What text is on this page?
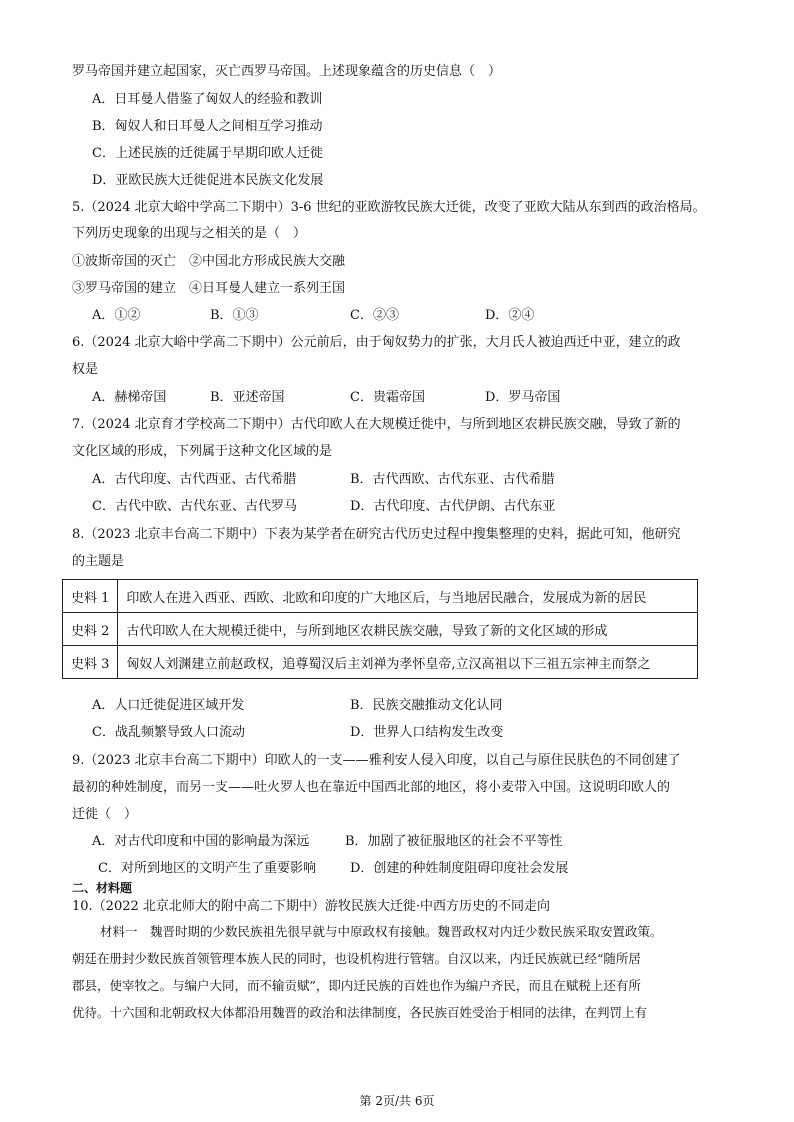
罗马帝国并建立起国家，灭亡西罗马帝国。上述现象蕴含的历史信息（　）
A．日耳曼人借鉴了匈奴人的经验和教训
B．匈奴人和日耳曼人之间相互学习推动
C．上述民族的迁徙属于早期印欧人迁徙
D．亚欧民族大迁徙促进本民族文化发展
5.（2024 北京大峪中学高二下期中）3-6 世纪的亚欧游牧民族大迁徙，改变了亚欧大陆从东到西的政治格局。
下列历史现象的出现与之相关的是（　）
①波斯帝国的灭亡　②中国北方形成民族大交融
③罗马帝国的建立　④日耳曼人建立一系列王国
A．①②	B．①③	C．②③	D．②④
6.（2024 北京大峪中学高二下期中）公元前后，由于匈奴势力的扩张，大月氏人被迫西迁中亚，建立的政
权是
A．赫梯帝国	B．亚述帝国	C．贵霜帝国	D．罗马帝国
7.（2024 北京育才学校高二下期中）古代印欧人在大规模迁徙中，与所到地区农耕民族交融，导致了新的
文化区域的形成，下列属于这种文化区域的是
A．古代印度、古代西亚、古代希腊	B．古代西欧、古代东亚、古代希腊
C．古代中欧、古代东亚、古代罗马	D．古代印度、古代伊朗、古代东亚
8.（2023 北京丰台高二下期中）下表为某学者在研究古代历史过程中搜集整理的史料，据此可知，他研究
的主题是
史料 1	印欧人在进入西亚、西欧、北欧和印度的广大地区后，与当地居民融合，发展成为新的居民
史料 2	古代印欧人在大规模迁徙中，与所到地区农耕民族交融，导致了新的文化区域的形成
史料 3	匈奴人刘渊建立前赵政权，追尊蜀汉后主刘禅为孝怀皇帝,立汉高祖以下三祖五宗神主而祭之
A．人口迁徙促进区域开发	B．民族交融推动文化认同
C．战乱频繁导致人口流动	D．世界人口结构发生改变
9.（2023 北京丰台高二下期中）印欧人的一支——雅利安人侵入印度，以自己与原住民肤色的不同创建了
最初的种姓制度，而另一支——吐火罗人也在靠近中国西北部的地区，将小麦带入中国。这说明印欧人的
迁徙（　）
A．对古代印度和中国的影响最为深远	B．加剧了被征服地区的社会不平等性
C．对所到地区的文明产生了重要影响	D．创建的种姓制度阻碍印度社会发展
二、材料题
10.（2022 北京北师大的附中高二下期中）游牧民族大迁徙·中西方历史的不同走向
材料一　魏晋时期的少数民族祖先很早就与中原政权有接触。魏晋政权对内迁少数民族采取安置政策。
朝廷在册封少数民族首领管理本族人民的同时，也设机构进行管辖。自汉以来，内迁民族就已经“随所居
郡县，使宰牧之。与编户大同，而不输贡赋”，即内迁民族的百姓也作为编户齐民，而且在赋税上还有所
优待。十六国和北朝政权大体都沿用魏晋的政治和法律制度，各民族百姓受治于相同的法律，在判罚上有
第 2页/共 6页
